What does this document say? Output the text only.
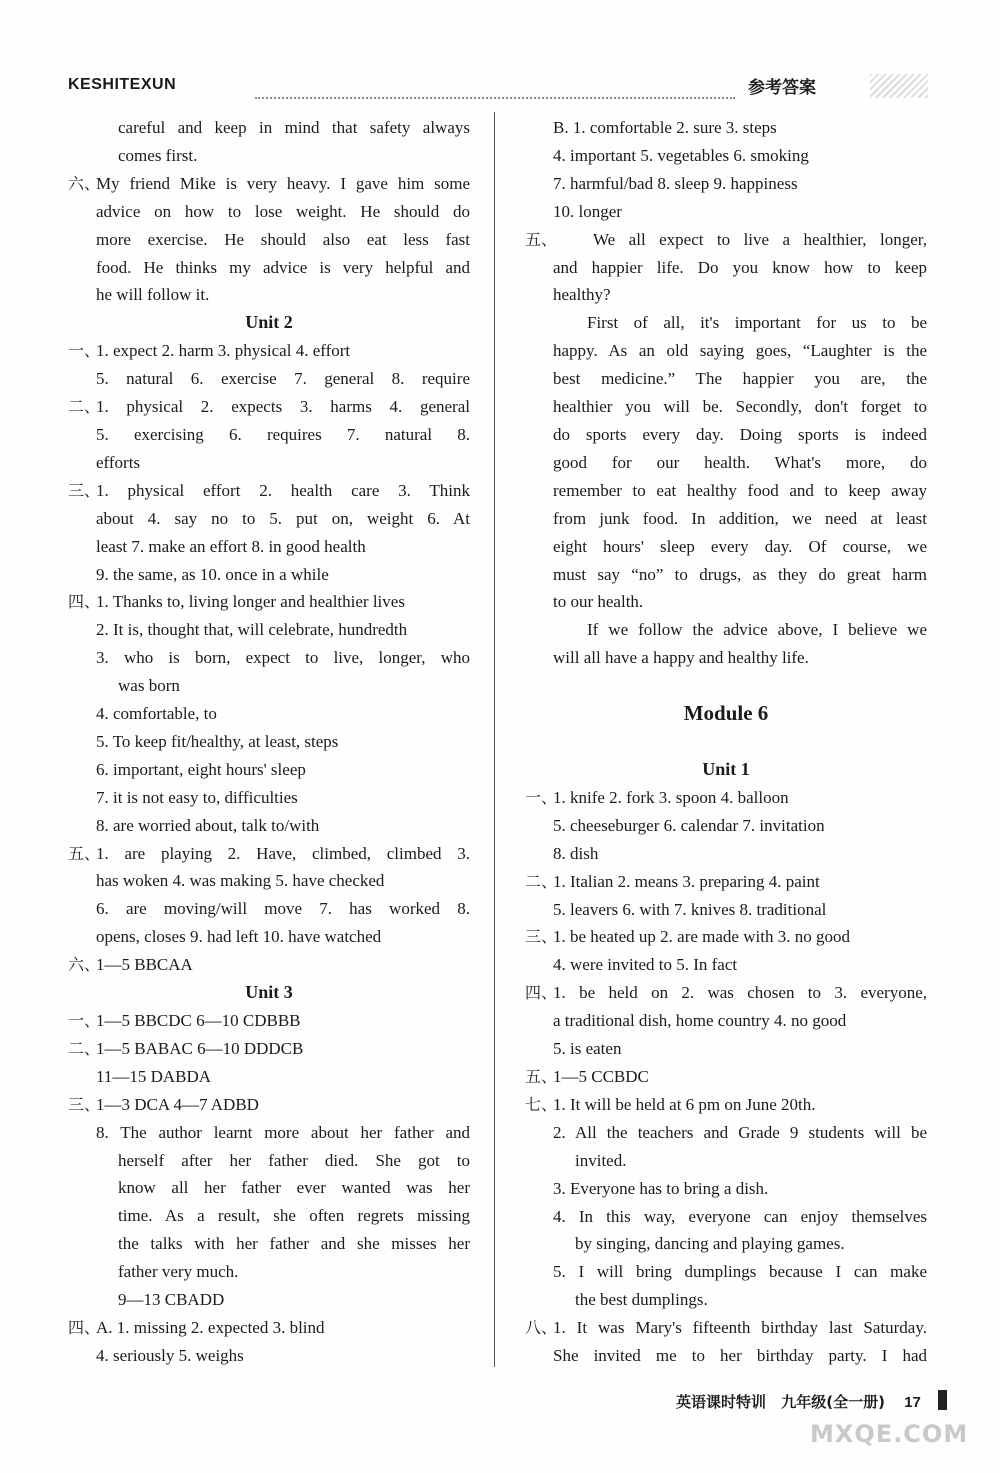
KESHITEXUN	参考答案
careful and keep in mind that safety always
comes first.
六、
My friend Mike is very heavy. I gave him some
advice on how to lose weight. He should do
more exercise. He should also eat less fast
food. He thinks my advice is very helpful and
he will follow it.
Unit 2
一、
1. expect 2. harm 3. physical 4. effort
5. natural 6. exercise 7. general 8. require
二、
1. physical 2. expects 3. harms 4. general
5. exercising 6. requires 7. natural 8.
efforts
三、
1. physical effort 2. health care 3. Think
about 4. say no to 5. put on, weight 6. At
least 7. make an effort 8. in good health
9. the same, as 10. once in a while
四、
1. Thanks to, living longer and healthier lives
2. It is, thought that, will celebrate, hundredth
3. who is born, expect to live, longer, who
was born
4. comfortable, to
5. To keep fit/healthy, at least, steps
6. important, eight hours' sleep
7. it is not easy to, difficulties
8. are worried about, talk to/with
五、
1. are playing 2. Have, climbed, climbed 3.
has woken 4. was making 5. have checked
6. are moving/will move 7. has worked 8.
opens, closes 9. had left 10. have watched
六、
1—5 BBCAA
Unit 3
一、
1—5 BBCDC 6—10 CDBBB
二、
1—5 BABAC 6—10 DDDCB
11—15 DABDA
三、
1—3 DCA 4—7 ADBD
8. The author learnt more about her father and
herself after her father died. She got to
know all her father ever wanted was her
time. As a result, she often regrets missing
the talks with her father and she misses her
father very much.
9—13 CBADD
四、
A. 1. missing 2. expected 3. blind
4. seriously 5. weighs
B. 1. comfortable 2. sure 3. steps
4. important 5. vegetables 6. smoking
7. harmful/bad 8. sleep 9. happiness
10. longer
五、 We all expect to live a healthier, longer,
and happier life. Do you know how to keep
healthy?
First of all, it's important for us to be
happy. As an old saying goes, “Laughter is the
best medicine.” The happier you are, the
healthier you will be. Secondly, don't forget to
do sports every day. Doing sports is indeed
good for our health. What's more, do
remember to eat healthy food and to keep away
from junk food. In addition, we need at least
eight hours' sleep every day. Of course, we
must say “no” to drugs, as they do great harm
to our health.
If we follow the advice above, I believe we
will all have a happy and healthy life.
Module 6
Unit 1
一、
1. knife 2. fork 3. spoon 4. balloon
5. cheeseburger 6. calendar 7. invitation
8. dish
二、
1. Italian 2. means 3. preparing 4. paint
5. leavers 6. with 7. knives 8. traditional
三、
1. be heated up 2. are made with 3. no good
4. were invited to 5. In fact
四、
1. be held on 2. was chosen to 3. everyone,
a traditional dish, home country 4. no good
5. is eaten
五、
1—5 CCBDC
七、
1. It will be held at 6 pm on June 20th.
2. All the teachers and Grade 9 students will be
invited.
3. Everyone has to bring a dish.
4. In this way, everyone can enjoy themselves
by singing, dancing and playing games.
5. I will bring dumplings because I can make
the best dumplings.
八、
1. It was Mary's fifteenth birthday last Saturday.
She invited me to her birthday party. I had
英语课时特训 九年级(全一册) 17
MXQE.COM
